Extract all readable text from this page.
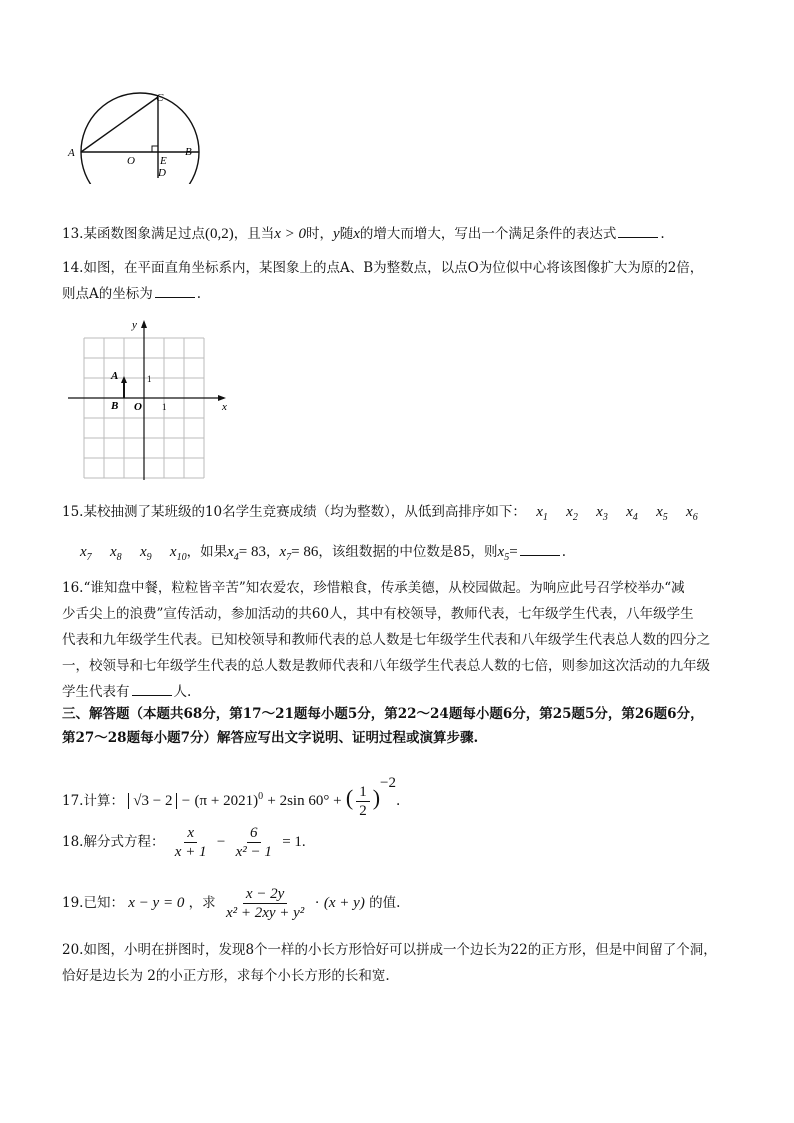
A	B
C
D
O E
13.某函数图象满足过点(0,2)，且当x > 0时，y随x的增大而增大，写出一个满足条件的表达式	.
14.如图，在平面直角坐标系内，某图象上的点A、B为整数点，以点O为位似中心将该图像扩大为原的2倍，
则点A的坐标为	.
y
x
A
B O 1
1
15.某校抽测了某班级的10名学生竞赛成绩（均为整数），从低到高排序如下： $x_1$ $x_2$ $x_3$ $x_4$ $x_5$ $x_6$
$x_7$ $x_8$ $x_9$ $x_{10}$，如果$x_4= 83$，$x_7= 86$，该组数据的中位数是85，则$x_5=$	.
16.“谁知盘中餐，粒粒皆辛苦”知农爱农，珍惜粮食，传承美德，从校园做起。为响应此号召学校举办“减
少舌尖上的浪费”宣传活动，参加活动的共60人，其中有校领导，教师代表，七年级学生代表，八年级学生
代表和九年级学生代表。已知校领导和教师代表的总人数是七年级学生代表和八年级学生代表总人数的四分之
一，校领导和七年级学生代表的总人数是教师代表和八年级学生代表总人数的七倍，则参加这次活动的九年级
学生代表有	人.
三、解答题（本题共68分，第17～21题每小题5分，第22～24题每小题6分，第25题5分，第26题6分，
第27～28题每小题7分）解答应写出文字说明、证明过程或演算步骤.
17.计算： $√3 - 2 - (\pi + 2021)^0 + 2\sin$ 60° + ( $\frac{1}{2} )^{-2}$.
18.解分式方程： $\frac{x}{x + 1} - \frac{6}{\text{x² − 1}} = 1$.
19.已知： x − y = 0 ，求 $\frac{x - 2y}{\text{x² + 2xy + y²}} \cdot (x + y)$ 的值.
20.如图，小明在拼图时，发现8个一样的小长方形恰好可以拼成一个边长为22的正方形，但是中间留了个洞，
恰好是边长为 2的小正方形，求每个小长方形的长和宽.
